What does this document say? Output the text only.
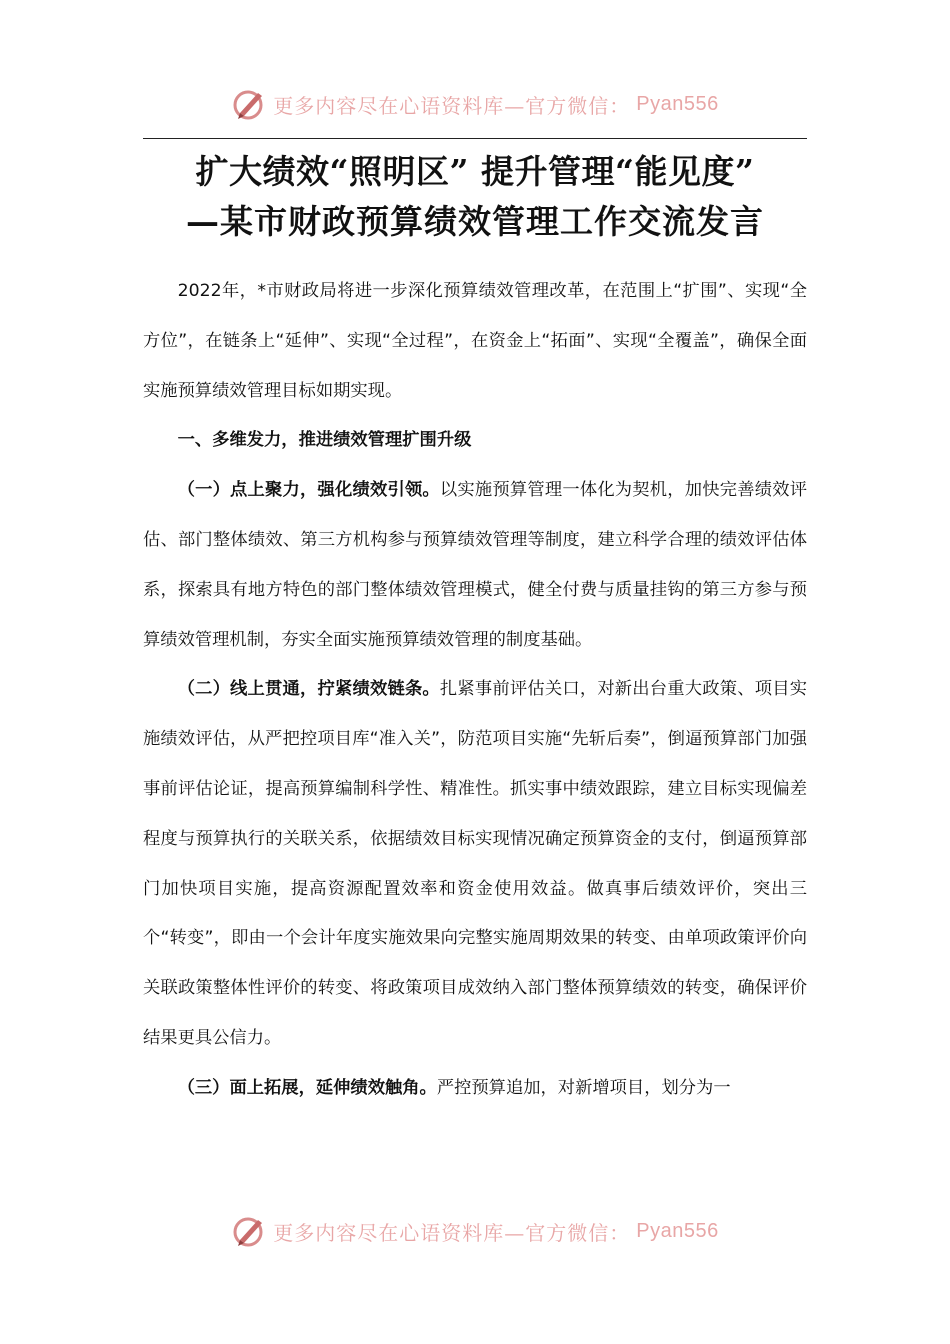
更多内容尽在心语资料库—官方微信： Pyan556
扩大绩效“照明区” 提升管理“能见度”
—某市财政预算绩效管理工作交流发言

2022年，*市财政局将进一步深化预算绩效管理改革，在范围上“扩围”、实现“全方位”，在链条上“延伸”、实现“全过程”，在资金上“拓面”、实现“全覆盖”，确保全面实施预算绩效管理目标如期实现。

一、多维发力，推进绩效管理扩围升级

（一）点上聚力，强化绩效引领。以实施预算管理一体化为契机，加快完善绩效评估、部门整体绩效、第三方机构参与预算绩效管理等制度，建立科学合理的绩效评估体系，探索具有地方特色的部门整体绩效管理模式，健全付费与质量挂钩的第三方参与预算绩效管理机制，夯实全面实施预算绩效管理的制度基础。

（二）线上贯通，拧紧绩效链条。扎紧事前评估关口，对新出台重大政策、项目实施绩效评估，从严把控项目库“准入关”，防范项目实施“先斩后奏”，倒逼预算部门加强事前评估论证，提高预算编制科学性、精准性。抓实事中绩效跟踪，建立目标实现偏差程度与预算执行的关联关系，依据绩效目标实现情况确定预算资金的支付，倒逼预算部门加快项目实施，提高资源配置效率和资金使用效益。做真事后绩效评价，突出三个“转变”，即由一个会计年度实施效果向完整实施周期效果的转变、由单项政策评价向关联政策整体性评价的转变、将政策项目成效纳入部门整体预算绩效的转变，确保评价结果更具公信力。

（三）面上拓展，延伸绩效触角。严控预算追加，对新增项目，划分为一

更多内容尽在心语资料库—官方微信： Pyan556
